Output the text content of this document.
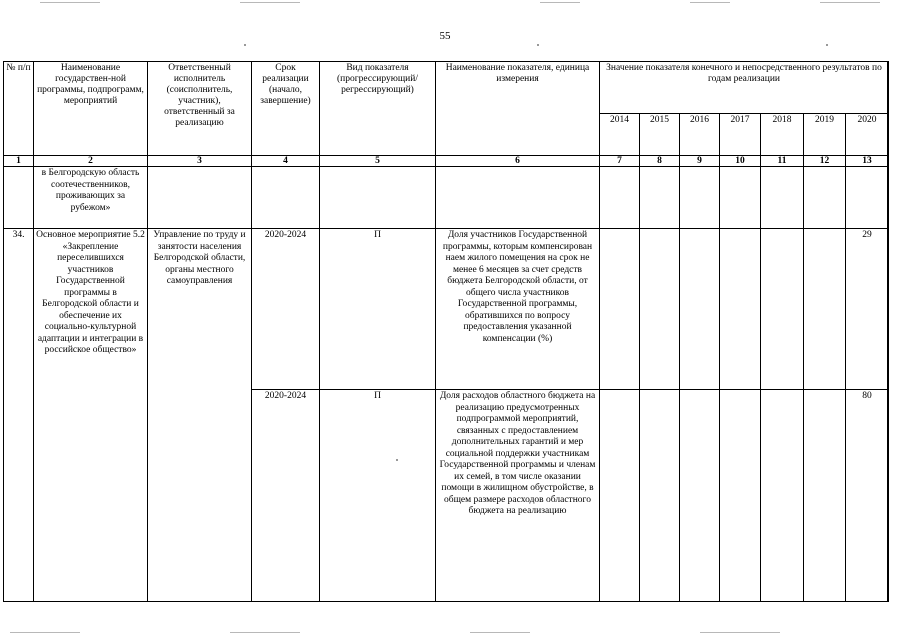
55
№ п/п	Наименование государствен-ной программы, подпрограмм, мероприятий	Ответственный исполнитель (соисполнитель, участник), ответственный за реализацию	Срок реализации (начало, завершение)	Вид показателя (прогрессирующий/ регрессирующий)	Наименование показателя, единица измерения	Значение показателя конечного и непосредственного результатов по годам реализации						
						2014	2015	2016	2017	2018	2019	2020
1	2	3	4	5	6	7	8	9	10	11	12	13
	в Белгородскую область соотечественников, проживающих за рубежом»											
34.	Основное мероприятие 5.2 «Закрепление переселившихся участников Государственной программы в Белгородской области и обеспечение их социально-культурной адаптации и интеграции в российское общество»	Управление по труду и занятости населения Белгородской области, органы местного самоуправления	2020-2024	П	Доля участников Государственной программы, которым компенсирован наем жилого помещения на срок не менее 6 месяцев за счет средств бюджета Белгородской области, от общего числа участников Государственной программы, обратившихся по вопросу предоставления указанной компенсации (%)							29
			2020-2024	П	Доля расходов областного бюджета на реализацию предусмотренных подпрограммой мероприятий, связанных с предоставлением дополнительных гарантий и мер социальной поддержки участникам Государственной программы и членам их семей, в том числе оказании помощи в жилищном обустройстве, в общем размере расходов областного бюджета на реализацию							80
